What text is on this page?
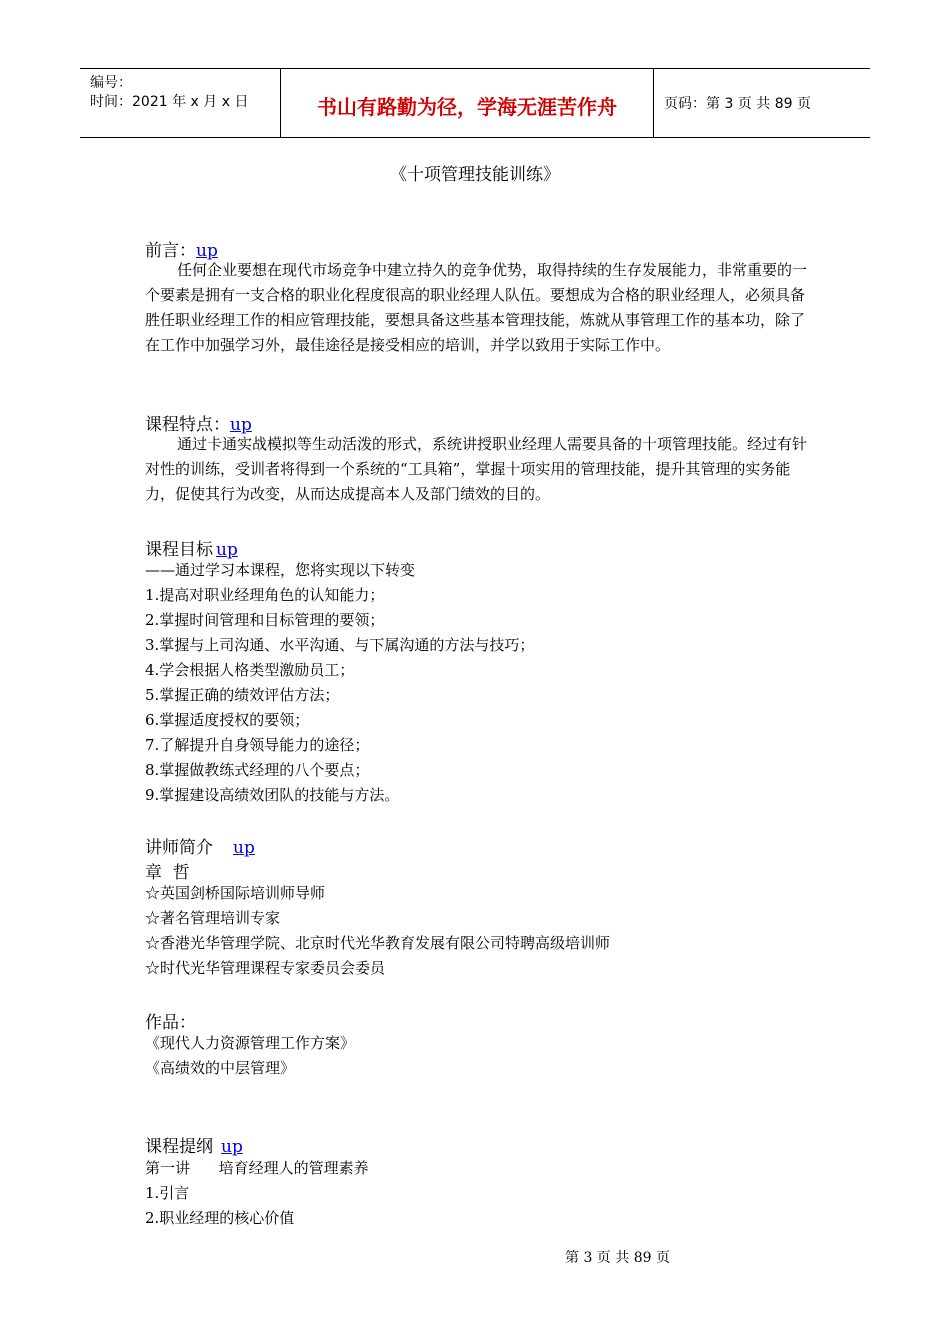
编号：
时间：2021 年 x 月 x 日	书山有路勤为径，学海无涯苦作舟	页码：第 3 页 共 89 页
《十项管理技能训练》
前言：up
任何企业要想在现代市场竞争中建立持久的竞争优势，取得持续的生存发展能力，非常重要的一个要素是拥有一支合格的职业化程度很高的职业经理人队伍。要想成为合格的职业经理人，必须具备胜任职业经理工作的相应管理技能，要想具备这些基本管理技能，炼就从事管理工作的基本功，除了在工作中加强学习外，最佳途径是接受相应的培训，并学以致用于实际工作中。
课程特点：up
通过卡通实战模拟等生动活泼的形式，系统讲授职业经理人需要具备的十项管理技能。经过有针对性的训练，受训者将得到一个系统的“工具箱”，掌握十项实用的管理技能，提升其管理的实务能力，促使其行为改变，从而达成提高本人及部门绩效的目的。
课程目标 up
——通过学习本课程，您将实现以下转变
1.提高对职业经理角色的认知能力；
2.掌握时间管理和目标管理的要领；
3.掌握与上司沟通、水平沟通、与下属沟通的方法与技巧；
4.学会根据人格类型激励员工；
5.掌握正确的绩效评估方法；
6.掌握适度授权的要领；
7.了解提升自身领导能力的途径；
8.掌握做教练式经理的八个要点；
9.掌握建设高绩效团队的技能与方法。
讲师简介 up
章  哲
☆英国剑桥国际培训师导师
☆著名管理培训专家
☆香港光华管理学院、北京时代光华教育发展有限公司特聘高级培训师
☆时代光华管理课程专家委员会委员
作品：
《现代人力资源管理工作方案》
《高绩效的中层管理》
课程提纲 up
第一讲      培育经理人的管理素养
1.引言
2.职业经理的核心价值
第 3 页 共 89 页
